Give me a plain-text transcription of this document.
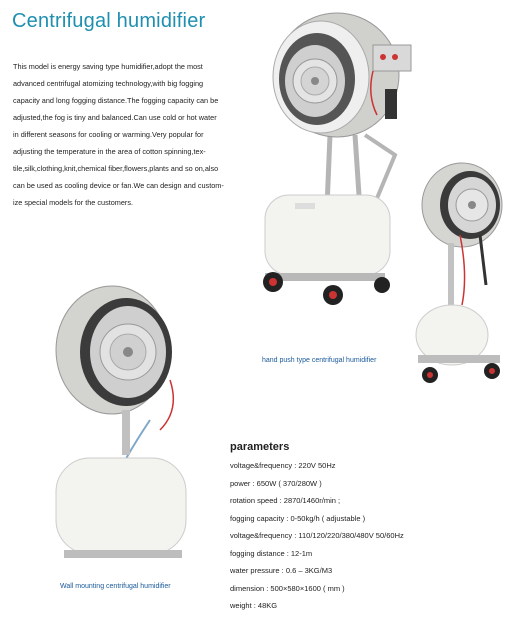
Centrifugal humidifier
This model is energy saving type humidifier,adopt the most
advanced centrifugal atomizing technology,with big fogging
capacity and long fogging distance.The fogging capacity can be
adjusted,the fog is tiny and balanced.Can use cold or hot water
in different seasons for cooling or warming.Very popular for
adjusting the temperature in the area of cotton spinning,tex-
tile,silk,clothing,knit,chemical fiber,flowers,plants and so on,also
can be used as cooling device or fan.We can design and custom-
ize special models for the customers.
hand push type centrifugal humidifier
Wall mounting centrifugal humidifier
parameters
voltage&frequency : 220V 50Hz
power : 650W ( 370/280W )
rotation speed : 2870/1460r/min ;
fogging capacity : 0-50kg/h ( adjustable )
voltage&frequency : 110/120/220/380/480V 50/60Hz
fogging distance : 12-1m
water pressure : 0.6 – 3KG/M3
dimension : 500×580×1600 ( mm )
weight : 48KG
